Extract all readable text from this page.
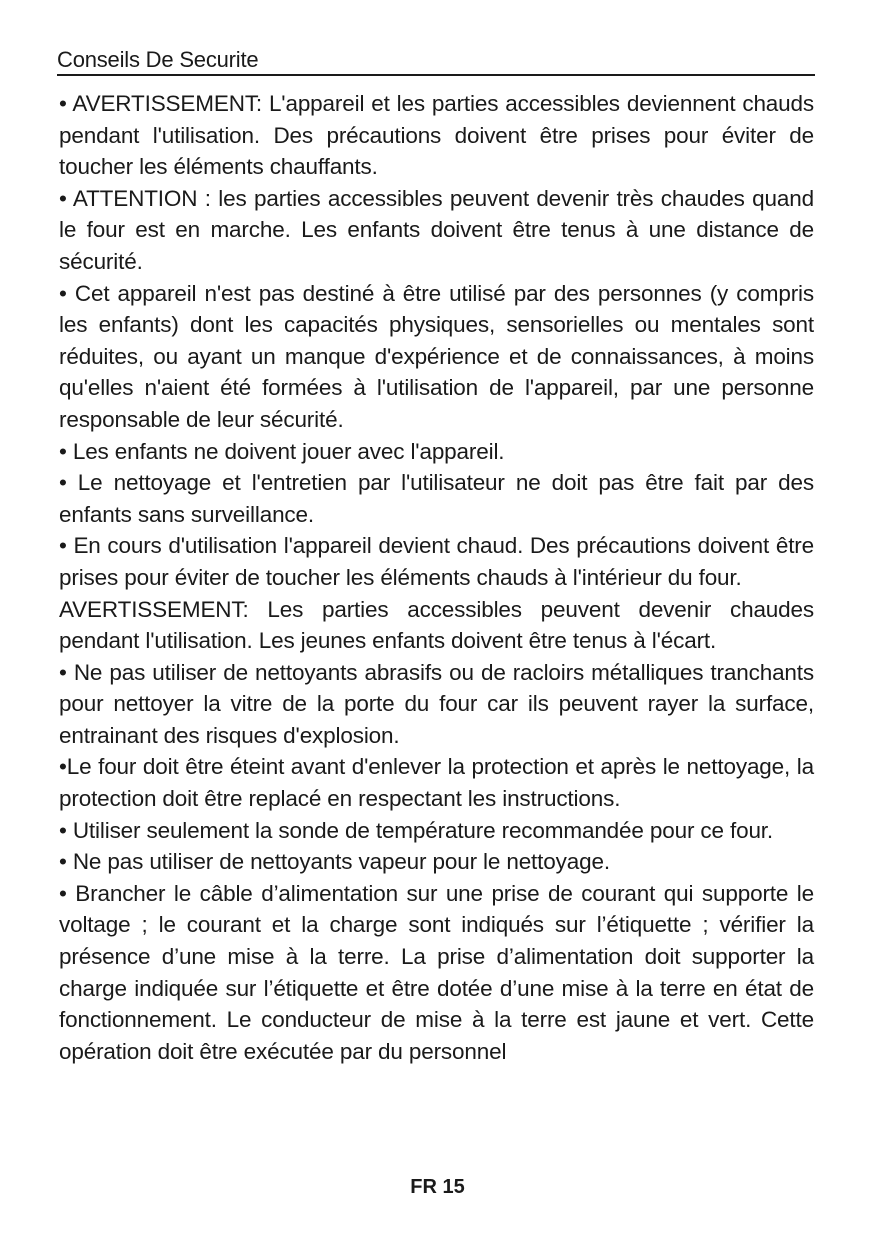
Conseils De Securite

• AVERTISSEMENT: L'appareil et les parties accessibles deviennent chauds pendant l'utilisation. Des précautions doivent être prises pour éviter de toucher les éléments chauffants.

• ATTENTION : les parties accessibles peuvent devenir très chaudes quand le four est en marche. Les enfants doivent être tenus à une distance de sécurité.

• Cet appareil n'est pas destiné à être utilisé par des personnes (y compris les enfants) dont les capacités physiques, sensorielles ou mentales sont réduites, ou ayant un manque d'expérience et de connaissances, à moins qu'elles n'aient été formées à l'utilisation de l'appareil, par une personne responsable de leur sécurité.

• Les enfants ne doivent jouer avec l'appareil.

• Le nettoyage et l'entretien par l'utilisateur ne doit pas être fait par des enfants sans surveillance.

• En cours d'utilisation l'appareil devient chaud. Des précautions doivent être prises pour éviter de toucher les éléments chauds à l'intérieur du four.

AVERTISSEMENT: Les parties accessibles peuvent devenir chaudes pendant l'utilisation. Les jeunes enfants doivent être tenus à l'écart.

• Ne pas utiliser de nettoyants abrasifs ou de racloirs métalliques tranchants pour nettoyer la vitre de la porte du four car ils peuvent rayer la surface, entrainant des risques d'explosion.

•Le four doit être éteint avant d'enlever la protection et après le nettoyage, la protection doit être replacé en respectant les instructions.

• Utiliser seulement la sonde de température recommandée pour ce four.

• Ne pas utiliser de nettoyants vapeur pour le nettoyage.

• Brancher le câble d’alimentation sur une prise de courant qui supporte le voltage ; le courant et la charge sont indiqués sur l’étiquette ; vérifier la présence d’une mise à la terre. La prise d’alimentation doit supporter la charge indiquée sur l’étiquette et être dotée d’une mise à la terre en état de fonctionnement. Le conducteur de mise à la terre est jaune et vert. Cette opération doit être exécutée par du personnel

FR 15
